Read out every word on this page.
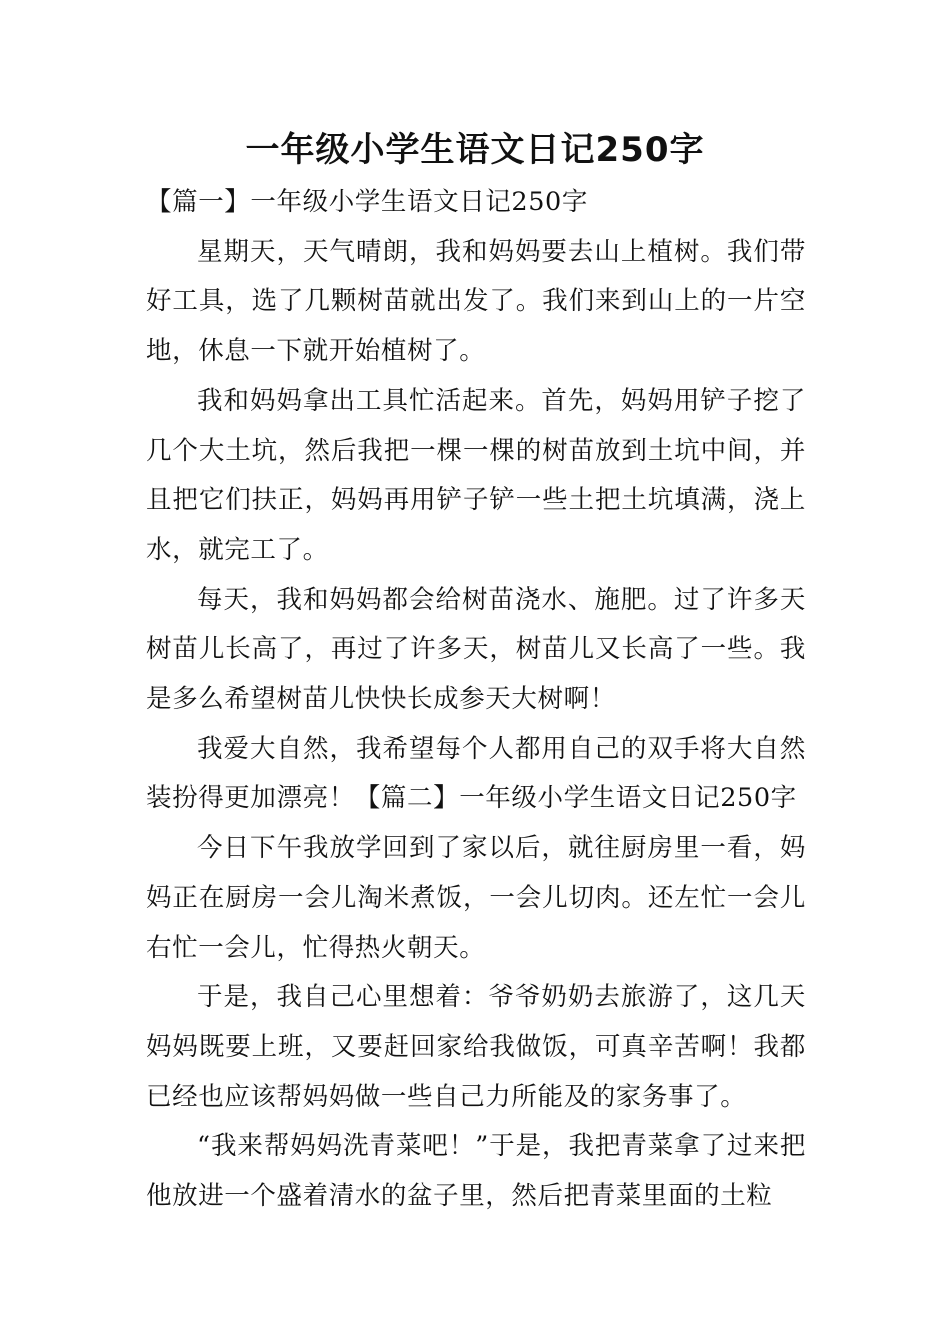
一年级小学生语文日记250字

【篇一】一年级小学生语文日记250字

星期天，天气晴朗，我和妈妈要去山上植树。我们带好工具，选了几颗树苗就出发了。我们来到山上的一片空地，休息一下就开始植树了。

我和妈妈拿出工具忙活起来。首先，妈妈用铲子挖了几个大土坑，然后我把一棵一棵的树苗放到土坑中间，并且把它们扶正，妈妈再用铲子铲一些土把土坑填满，浇上水，就完工了。

每天，我和妈妈都会给树苗浇水、施肥。过了许多天树苗儿长高了，再过了许多天，树苗儿又长高了一些。我是多么希望树苗儿快快长成参天大树啊！

我爱大自然，我希望每个人都用自己的双手将大自然装扮得更加漂亮！【篇二】一年级小学生语文日记250字

今日下午我放学回到了家以后，就往厨房里一看，妈妈正在厨房一会儿淘米煮饭，一会儿切肉。还左忙一会儿右忙一会儿，忙得热火朝天。

于是，我自己心里想着：爷爷奶奶去旅游了，这几天妈妈既要上班，又要赶回家给我做饭，可真辛苦啊！我都已经也应该帮妈妈做一些自己力所能及的家务事了。

“我来帮妈妈洗青菜吧！”于是，我把青菜拿了过来把他放进一个盛着清水的盆子里，然后把青菜里面的土粒
